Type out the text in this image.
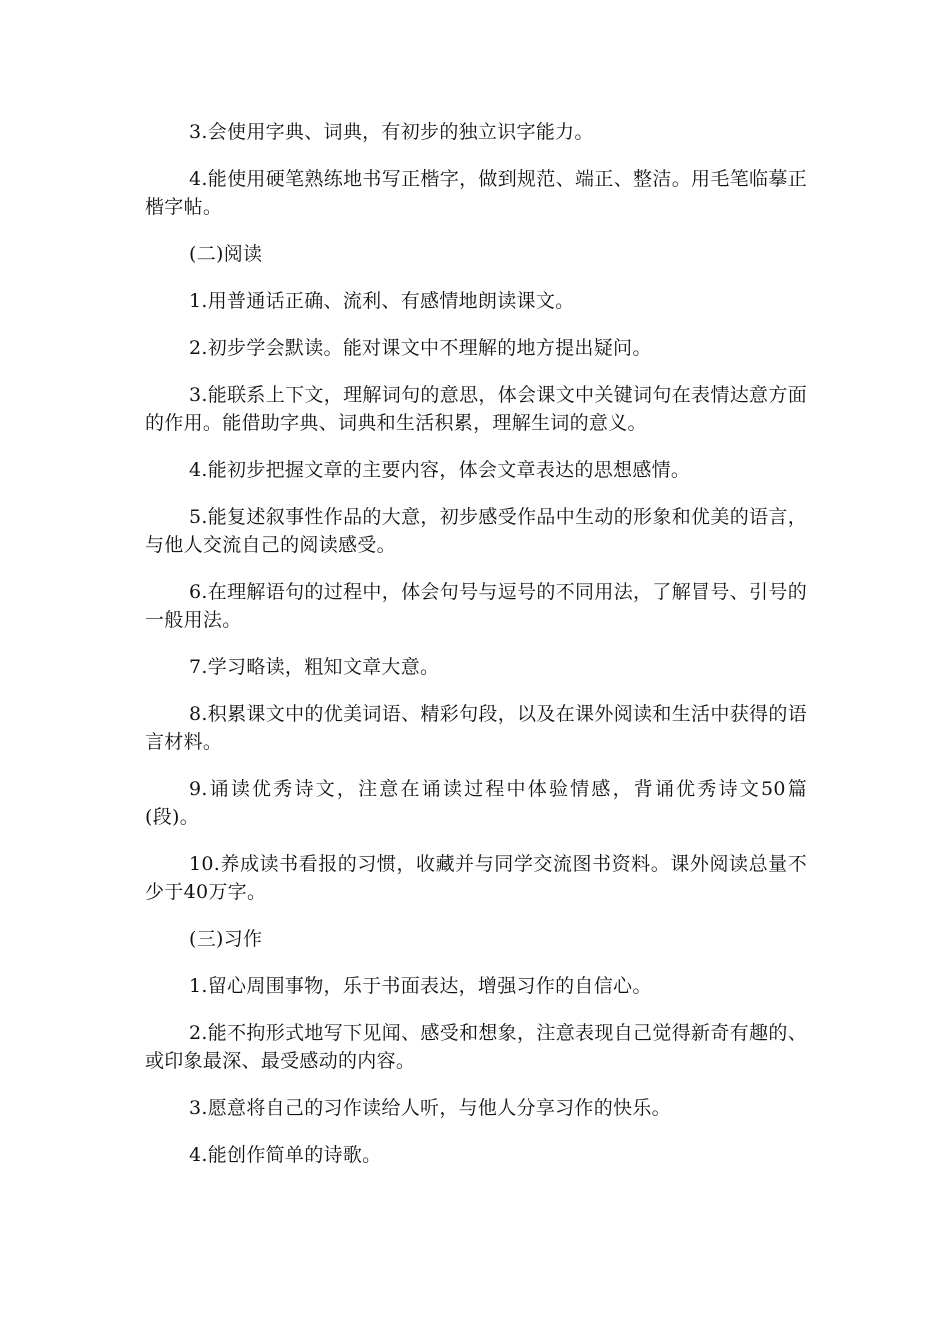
3.会使用字典、词典，有初步的独立识字能力。

4.能使用硬笔熟练地书写正楷字，做到规范、端正、整洁。用毛笔临摹正楷字帖。

(二)阅读

1.用普通话正确、流利、有感情地朗读课文。

2.初步学会默读。能对课文中不理解的地方提出疑问。

3.能联系上下文，理解词句的意思，体会课文中关键词句在表情达意方面的作用。能借助字典、词典和生活积累，理解生词的意义。

4.能初步把握文章的主要内容，体会文章表达的思想感情。

5.能复述叙事性作品的大意，初步感受作品中生动的形象和优美的语言，与他人交流自己的阅读感受。

6.在理解语句的过程中，体会句号与逗号的不同用法，了解冒号、引号的一般用法。

7.学习略读，粗知文章大意。

8.积累课文中的优美词语、精彩句段，以及在课外阅读和生活中获得的语言材料。

9.诵读优秀诗文，注意在诵读过程中体验情感，背诵优秀诗文50篇(段)。

10.养成读书看报的习惯，收藏并与同学交流图书资料。课外阅读总量不少于40万字。

(三)习作

1.留心周围事物，乐于书面表达，增强习作的自信心。

2.能不拘形式地写下见闻、感受和想象，注意表现自己觉得新奇有趣的、或印象最深、最受感动的内容。

3.愿意将自己的习作读给人听，与他人分享习作的快乐。

4.能创作简单的诗歌。
